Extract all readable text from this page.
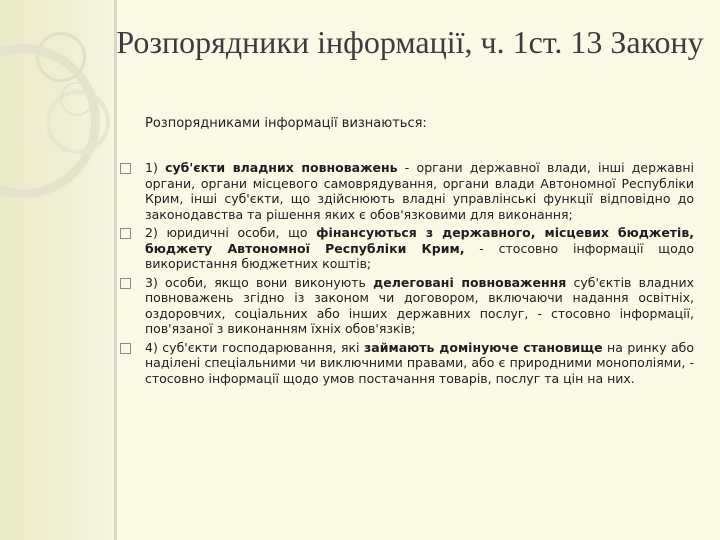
Розпорядники інформації, ч. 1ст. 13 Закону
Розпорядниками інформації визнаються:
1) суб'єкти владних повноважень - органи державної влади, інші державні органи, органи місцевого самоврядування, органи влади Автономної Республіки Крим, інші суб'єкти, що здійснюють владні управлінські функції відповідно до законодавства та рішення яких є обов'язковими для виконання;
2) юридичні особи, що фінансуються з державного, місцевих бюджетів, бюджету Автономної Республіки Крим, - стосовно інформації щодо використання бюджетних коштів;
3) особи, якщо вони виконують делеговані повноваження суб'єктів владних повноважень згідно із законом чи договором, включаючи надання освітніх, оздоровчих, соціальних або інших державних послуг, - стосовно інформації, пов'язаної з виконанням їхніх обов'язків;
4) суб'єкти господарювання, які займають домінуюче становище на ринку або наділені спеціальними чи виключними правами, або є природними монополіями, - стосовно інформації щодо умов постачання товарів, послуг та цін на них.
